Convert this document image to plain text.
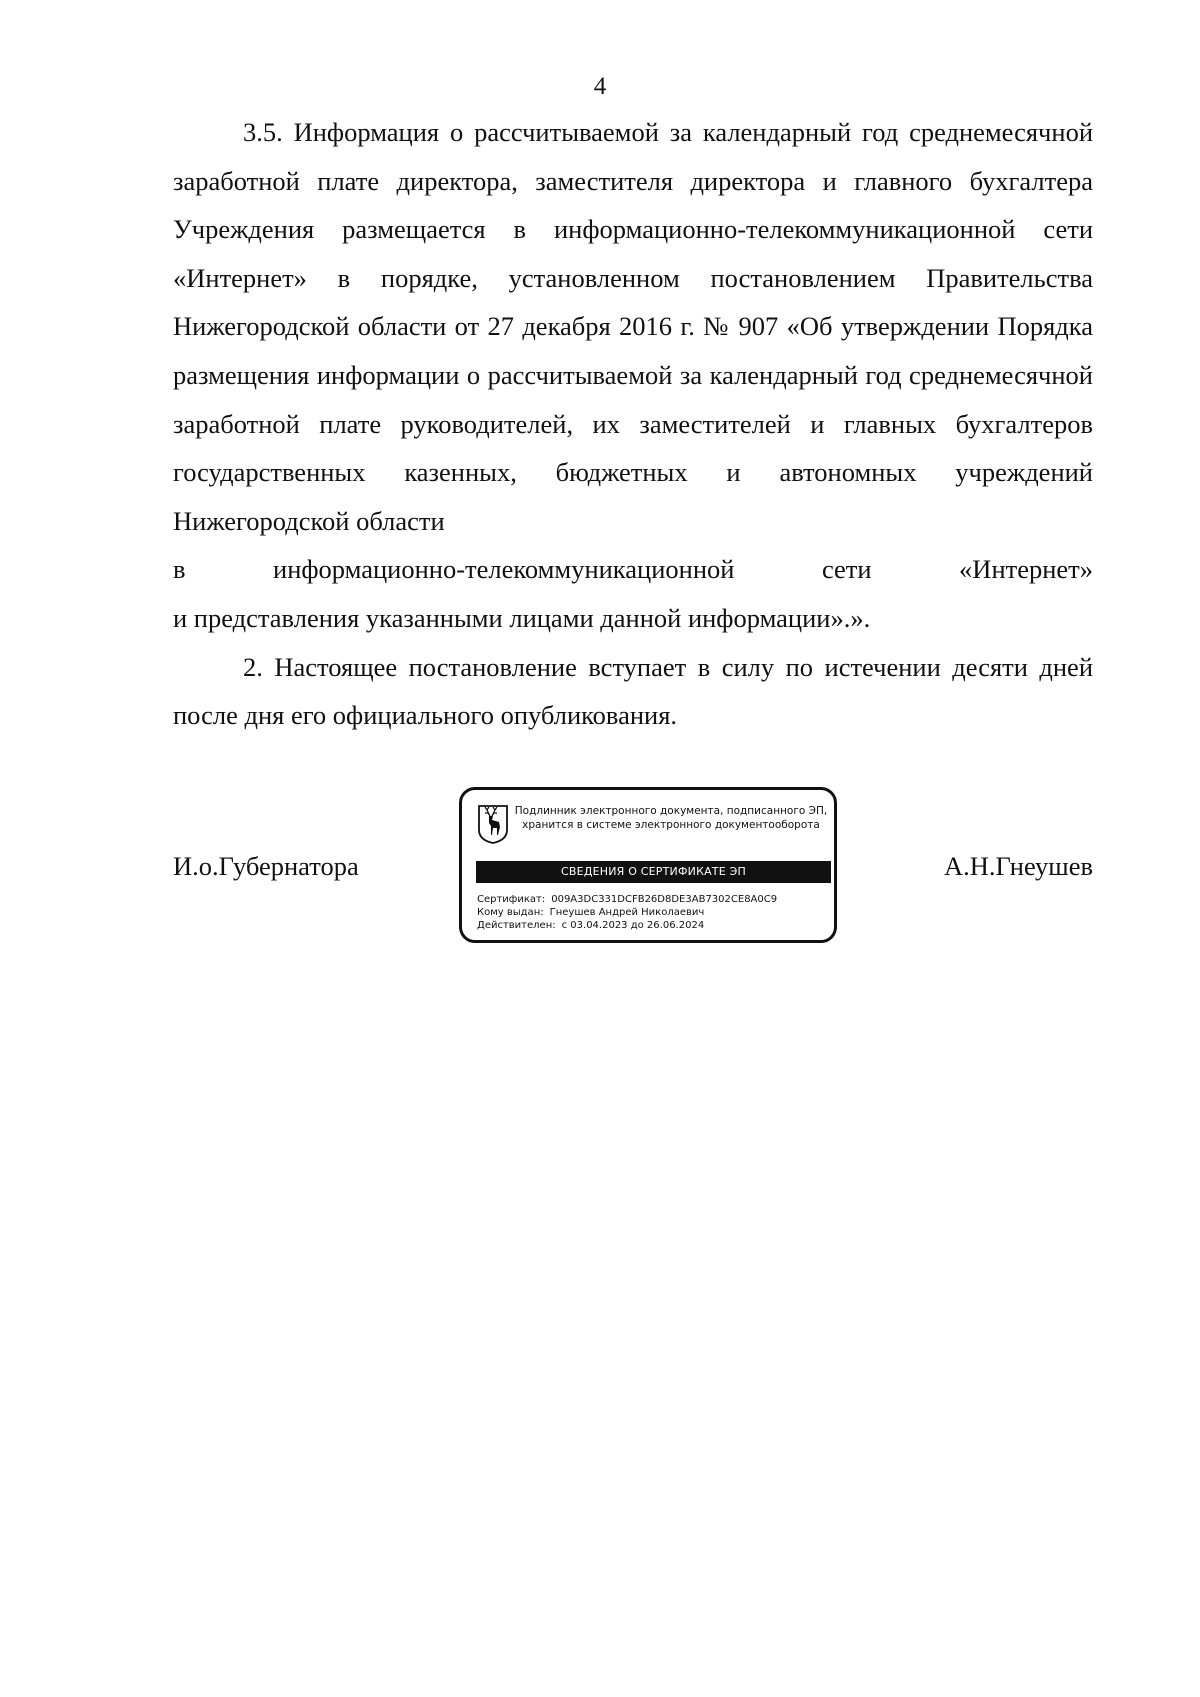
4

3.5. Информация о рассчитываемой за календарный год среднемесячной заработной плате директора, заместителя директора и главного бухгалтера Учреждения размещается в информационно-телекоммуникационной сети «Интернет» в порядке, установленном постановлением Правительства Нижегородской области от 27 декабря 2016 г. № 907 «Об утверждении Порядка размещения информации о рассчитываемой за календарный год среднемесячной заработной плате руководителей, их заместителей и главных бухгалтеров государственных казенных, бюджетных и автономных учреждений Нижегородской области

в информационно-телекоммуникационной сети «Интернет»

и представления указанными лицами данной информации».».

2. Настоящее постановление вступает в силу по истечении десяти дней после дня его официального опубликования.

И.о.Губернатора	А.Н.Гнеушев
Подлинник электронного документа, подписанного ЭП,
хранится в системе электронного документооборота
СВЕДЕНИЯ О СЕРТИФИКАТЕ ЭП
Сертификат: 009A3DC331DCFB26D8DE3AB7302CE8A0C9
Кому выдан: Гнеушев Андрей Николаевич
Действителен: с 03.04.2023 до 26.06.2024
